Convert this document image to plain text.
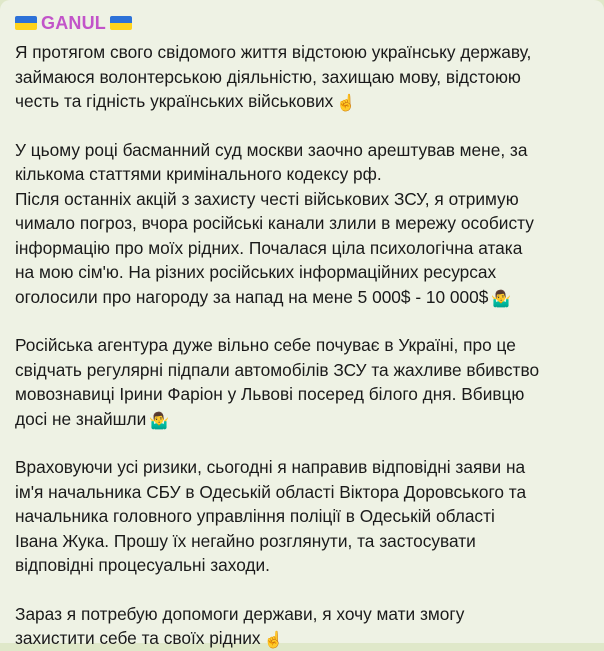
GANUL
Я протягом свого свідомого життя відстоюю українську державу,
займаюся волонтерською діяльністю, захищаю мову, відстоюю
честь та гідність українських військових ☝
У цьому році басманний суд москви заочно арештував мене, за
кількома статтями кримінального кодексу рф.
Після останніх акцій з захисту честі військових ЗСУ, я отримую
чимало погроз, вчора російські канали злили в мережу особисту
інформацію про моїх рідних. Почалася ціла психологічна атака
на мою сім'ю. На різних російських інформаційних ресурсах
оголосили про нагороду за напад на мене 5 000$ - 10 000$ 🤷‍♂️
Російська агентура дуже вільно себе почуває в Україні, про це
свідчать регулярні підпали автомобілів ЗСУ та жахливе вбивство
мовознавиці Ірини Фаріон у Львові посеред білого дня. Вбивцю
досі не знайшли 🤷‍♂️
Враховуючи усі ризики, сьогодні я направив відповідні заяви на
ім'я начальника СБУ в Одеській області Віктора Доровського та
начальника головного управління поліції в Одеській області
Івана Жука. Прошу їх негайно розглянути, та застосувати
відповідні процесуальні заходи.
Зараз я потребую допомоги держави, я хочу мати змогу
захистити себе та своїх рідних ☝
